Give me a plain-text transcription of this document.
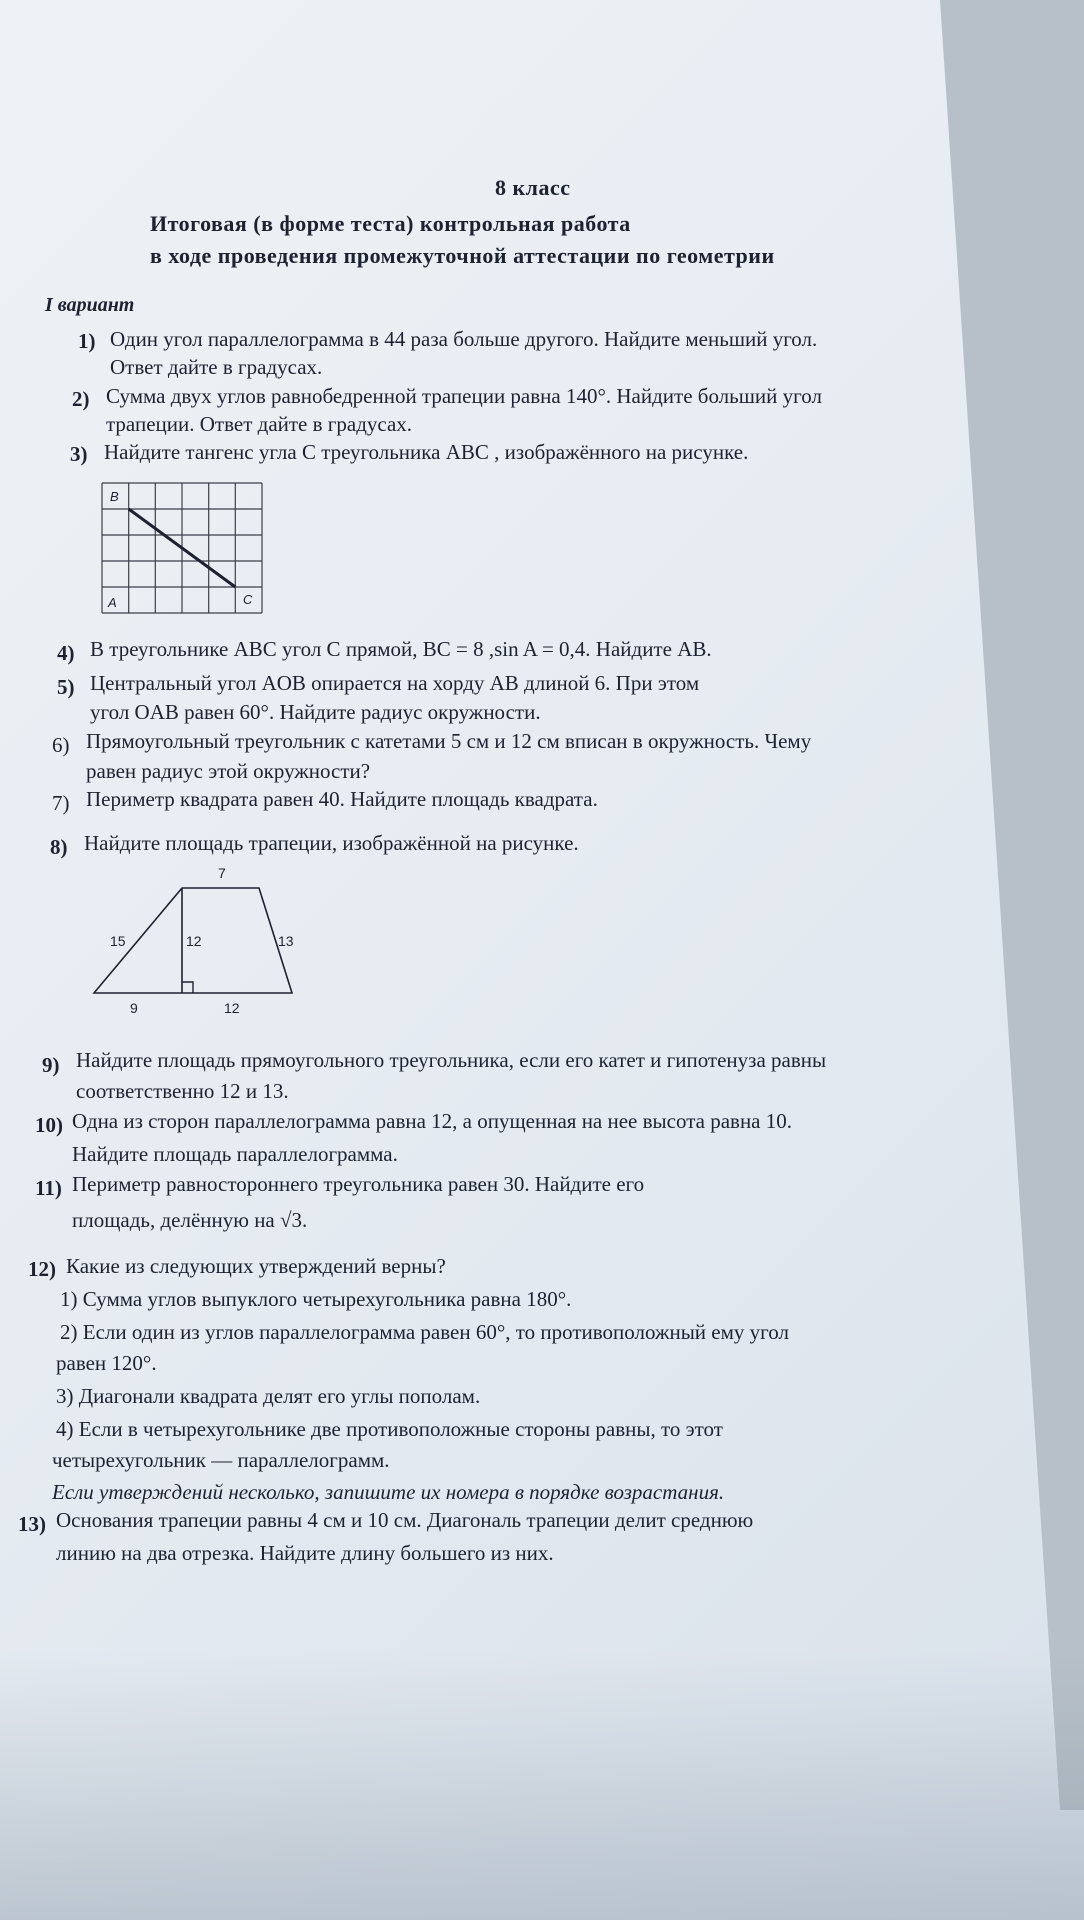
8 класс
Итоговая (в форме теста) контрольная работа
в ходе проведения промежуточной аттестации по геометрии
I вариант
1) Один угол параллелограмма в 44 раза больше другого. Найдите меньший угол.
Ответ дайте в градусах.
2) Сумма двух углов равнобедренной трапеции равна 140°. Найдите больший угол
трапеции. Ответ дайте в градусах.
3) Найдите тангенс угла С треугольника АВС , изображённого на рисунке.
B
A	C
4) В треугольнике ABC угол C прямой, BC = 8 ,sin A = 0,4. Найдите AB.
5) Центральный угол AOB опирается на хорду AB длиной 6. При этом
угол OAB равен 60°. Найдите радиус окружности.
6) Прямоугольный треугольник с катетами 5 см и 12 см вписан в окружность. Чему
равен радиус этой окружности?
7) Периметр квадрата равен 40. Найдите площадь квадрата.
8) Найдите площадь трапеции, изображённой на рисунке.
7
15	12	13
9	12
9) Найдите площадь прямоугольного треугольника, если его катет и гипотенуза равны
соответственно 12 и 13.
10) Одна из сторон параллелограмма равна 12, а опущенная на нее высота равна 10.
Найдите площадь параллелограмма.
11) Периметр равностороннего треугольника равен 30. Найдите его
площадь, делённую на √3.
12) Какие из следующих утверждений верны?
1) Сумма углов выпуклого четырехугольника равна 180°.
2) Если один из углов параллелограмма равен 60°, то противоположный ему угол
равен 120°.
3) Диагонали квадрата делят его углы пополам.
4) Если в четырехугольнике две противоположные стороны равны, то этот
четырехугольник — параллелограмм.
Если утверждений несколько, запишите их номера в порядке возрастания.
13) Основания трапеции равны 4 см и 10 см. Диагональ трапеции делит среднюю
линию на два отрезка. Найдите длину большего из них.
